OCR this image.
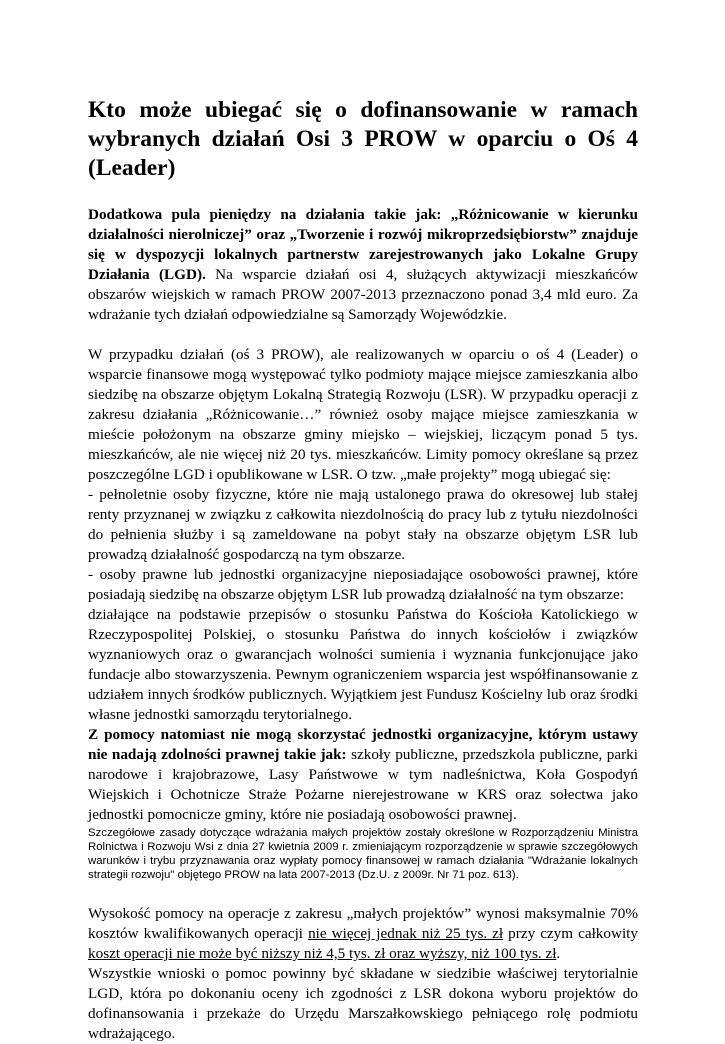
Kto może ubiegać się o dofinansowanie w ramach wybranych działań Osi 3 PROW w oparciu o Oś 4 (Leader)

Dodatkowa pula pieniędzy na działania takie jak: „Różnicowanie w kierunku działalności nierolniczej” oraz „Tworzenie i rozwój mikroprzedsiębiorstw” znajduje się w dyspozycji lokalnych partnerstw zarejestrowanych jako Lokalne Grupy Działania (LGD). Na wsparcie działań osi 4, służących aktywizacji mieszkańców obszarów wiejskich w ramach PROW 2007-2013 przeznaczono ponad 3,4 mld euro. Za wdrażanie tych działań odpowiedzialne są Samorządy Wojewódzkie.

W przypadku działań (oś 3 PROW), ale realizowanych w oparciu o oś 4 (Leader) o wsparcie finansowe mogą występować tylko podmioty mające miejsce zamieszkania albo siedzibę na obszarze objętym Lokalną Strategią Rozwoju (LSR). W przypadku operacji z zakresu działania „Różnicowanie…” również osoby mające miejsce zamieszkania w mieście położonym na obszarze gminy miejsko – wiejskiej, liczącym ponad 5 tys. mieszkańców, ale nie więcej niż 20 tys. mieszkańców. Limity pomocy określane są przez poszczególne LGD i opublikowane w LSR. O tzw. „małe projekty” mogą ubiegać się:

- pełnoletnie osoby fizyczne, które nie mają ustalonego prawa do okresowej lub stałej renty przyznanej w związku z całkowita niezdolnością do pracy lub z tytułu niezdolności do pełnienia służby i są zameldowane na pobyt stały na obszarze objętym LSR lub prowadzą działalność gospodarczą na tym obszarze.

- osoby prawne lub jednostki organizacyjne nieposiadające osobowości prawnej, które posiadają siedzibę na obszarze objętym LSR lub prowadzą działalność na tym obszarze:

działające na podstawie przepisów o stosunku Państwa do Kościoła Katolickiego w Rzeczypospolitej Polskiej, o stosunku Państwa do innych kościołów i związków wyznaniowych oraz o gwarancjach wolności sumienia i wyznania funkcjonujące jako fundacje albo stowarzyszenia. Pewnym ograniczeniem wsparcia jest współfinansowanie z udziałem innych środków publicznych. Wyjątkiem jest Fundusz Kościelny lub oraz środki własne jednostki samorządu terytorialnego.

Z pomocy natomiast nie mogą skorzystać jednostki organizacyjne, którym ustawy nie nadają zdolności prawnej takie jak: szkoły publiczne, przedszkola publiczne, parki narodowe i krajobrazowe, Lasy Państwowe w tym nadleśnictwa, Koła Gospodyń Wiejskich i Ochotnicze Straże Pożarne nierejestrowane w KRS oraz sołectwa jako jednostki pomocnicze gminy, które nie posiadają osobowości prawnej.

Szczegółowe zasady dotyczące wdrażania małych projektów zostały określone w Rozporządzeniu Ministra Rolnictwa i Rozwoju Wsi z dnia 27 kwietnia 2009 r. zmieniającym rozporządzenie w sprawie szczegółowych warunków i trybu przyznawania oraz wypłaty pomocy finansowej w ramach działania "Wdrażanie lokalnych strategii rozwoju" objętego PROW na lata 2007-2013 (Dz.U. z 2009r. Nr 71 poz. 613).

Wysokość pomocy na operacje z zakresu „małych projektów” wynosi maksymalnie 70% kosztów kwalifikowanych operacji nie więcej jednak niż 25 tys. zł przy czym całkowity koszt operacji nie może być niższy niż 4,5 tys. zł oraz wyższy, niż 100 tys. zł.

Wszystkie wnioski o pomoc powinny być składane w siedzibie właściwej terytorialnie LGD, która po dokonaniu oceny ich zgodności z LSR dokona wyboru projektów do dofinansowania i przekaże do Urzędu Marszałkowskiego pełniącego rolę podmiotu wdrażającego.
